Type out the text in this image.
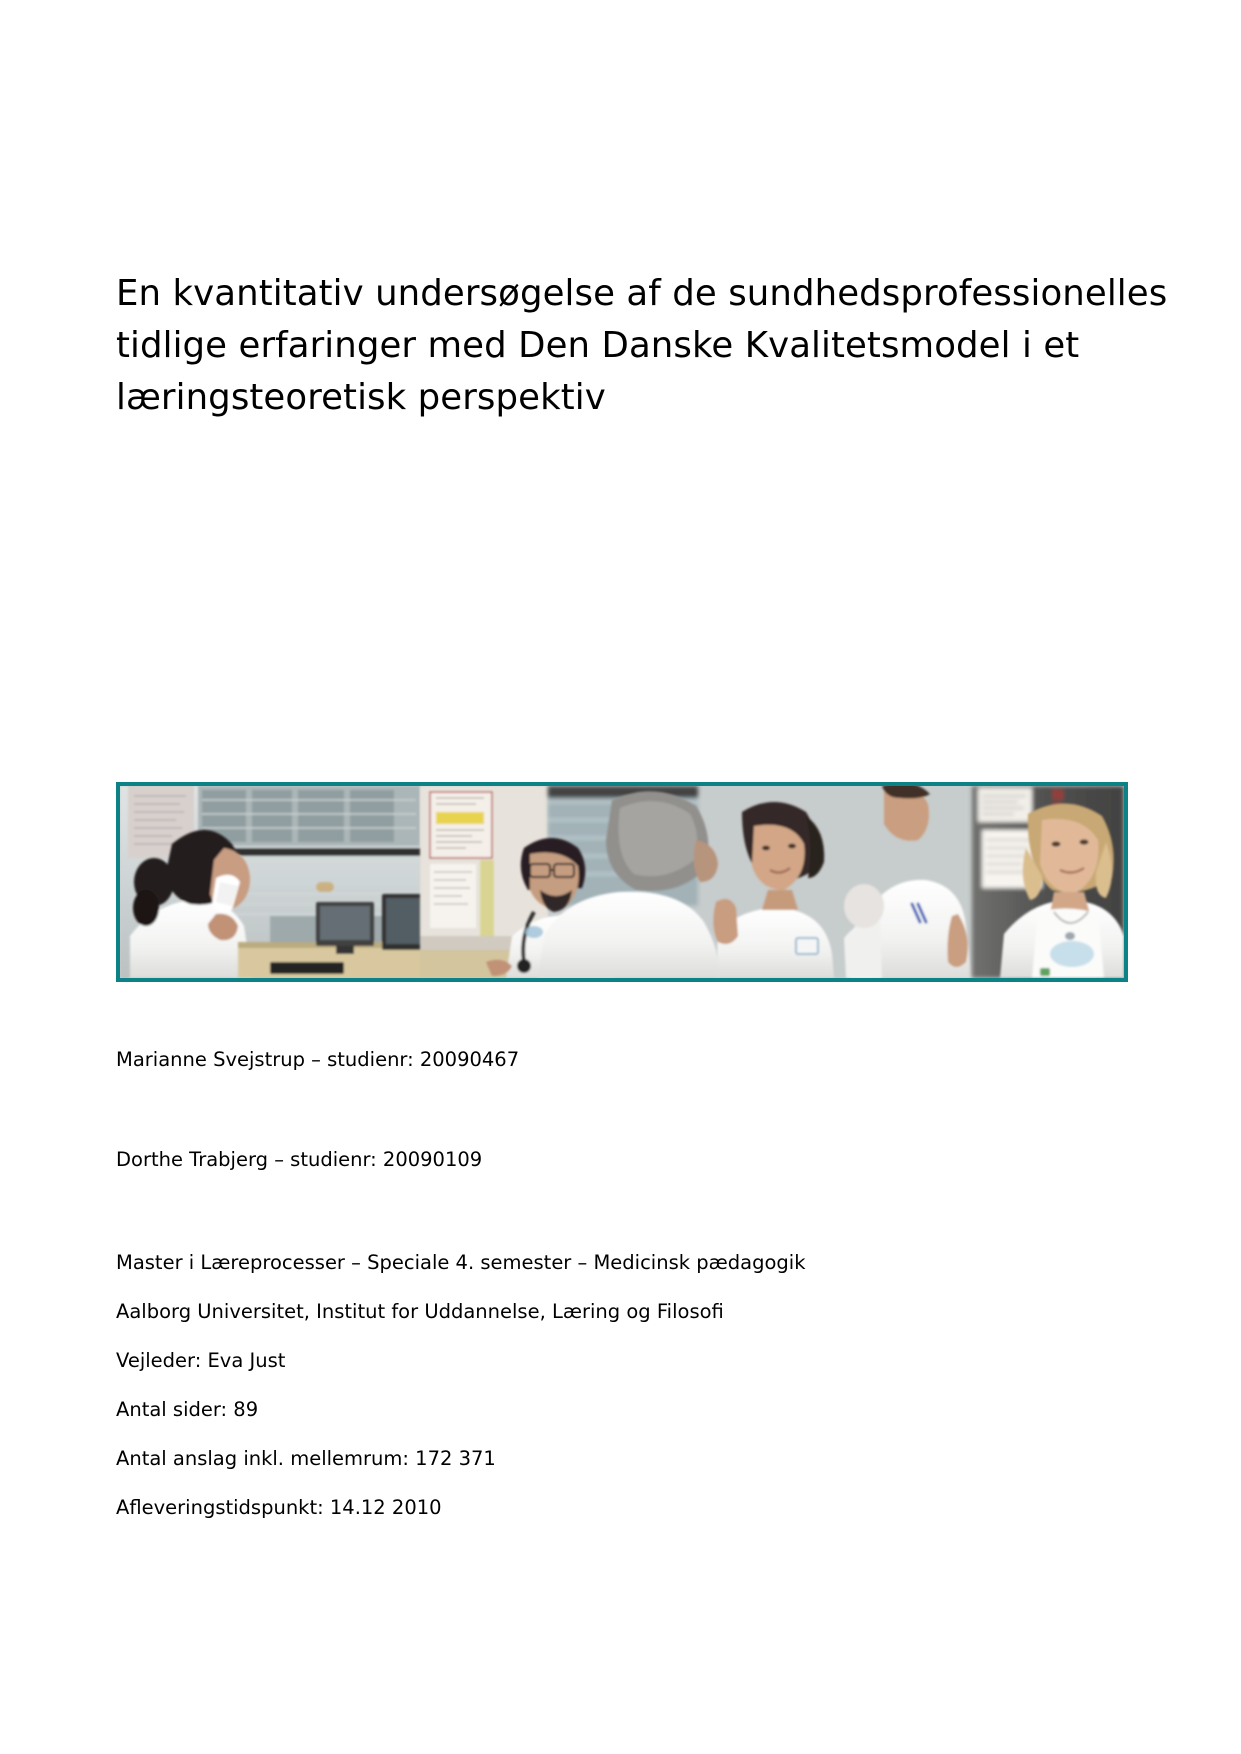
En kvantitativ undersøgelse af de sundhedsprofessionelles
tidlige erfaringer med Den Danske Kvalitetsmodel i et
læringsteoretisk perspektiv
N
Marianne Svejstrup – studienr: 20090467
Dorthe Trabjerg – studienr: 20090109
Master i Læreprocesser – Speciale 4. semester – Medicinsk pædagogik
Aalborg Universitet, Institut for Uddannelse, Læring og Filosofi
Vejleder: Eva Just
Antal sider: 89
Antal anslag inkl. mellemrum: 172 371
Afleveringstidspunkt: 14.12 2010
